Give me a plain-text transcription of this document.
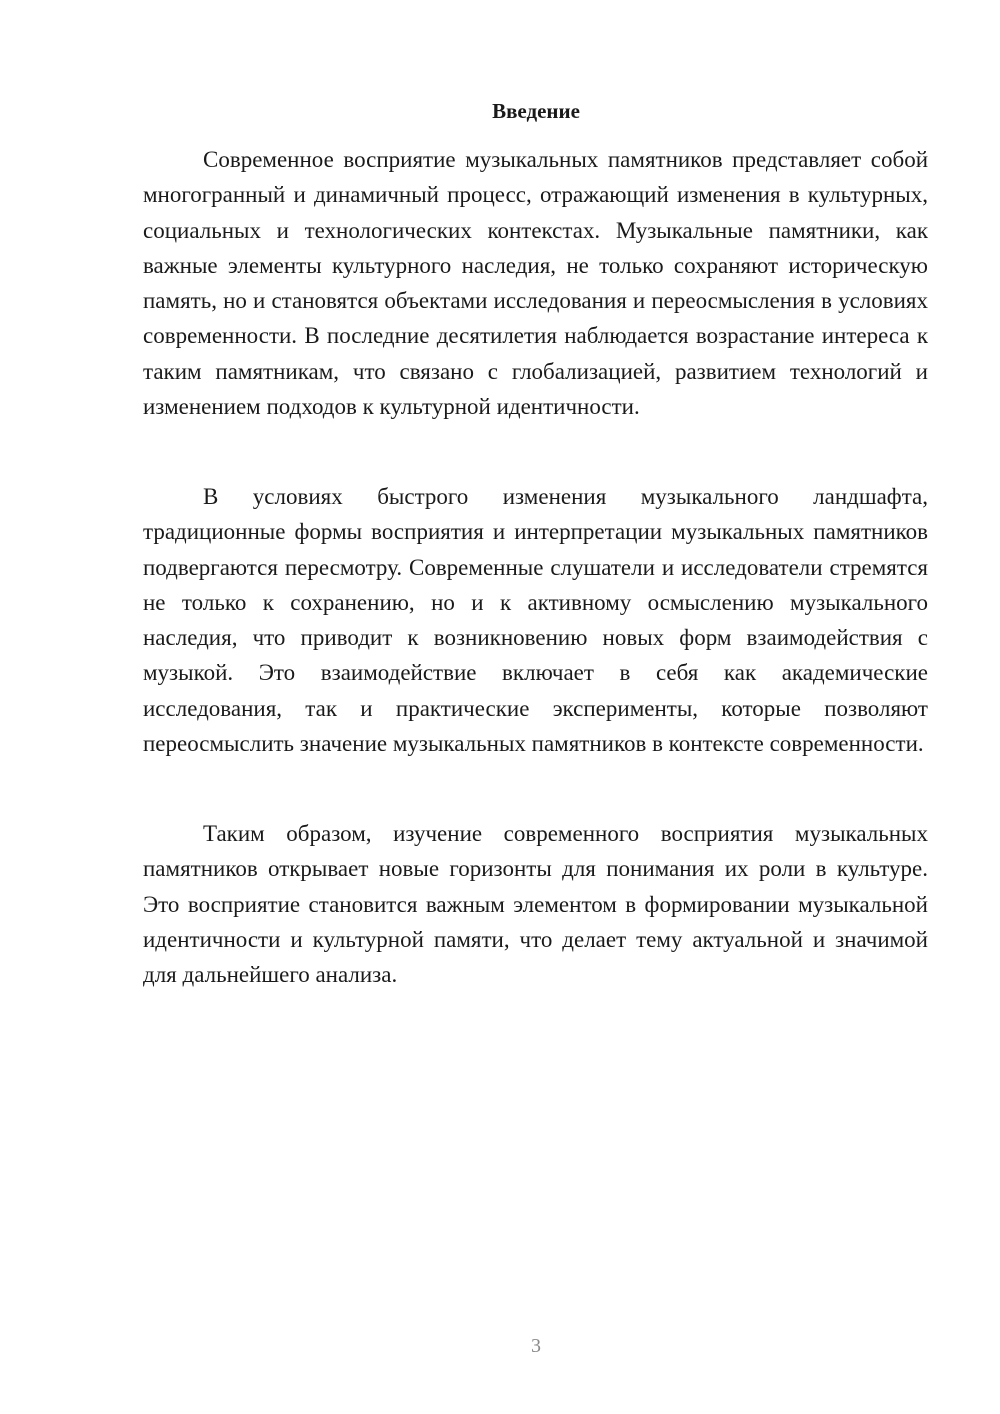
Введение

Современное восприятие музыкальных памятников представляет собой многогранный и динамичный процесс, отражающий изменения в культурных, социальных и технологических контекстах. Музыкальные памятники, как важные элементы культурного наследия, не только сохраняют историческую память, но и становятся объектами исследования и переосмысления в условиях современности. В последние десятилетия наблюдается возрастание интереса к таким памятникам, что связано с глобализацией, развитием технологий и изменением подходов к культурной идентичности.

В условиях быстрого изменения музыкального ландшафта, традиционные формы восприятия и интерпретации музыкальных памятников подвергаются пересмотру. Современные слушатели и исследователи стремятся не только к сохранению, но и к активному осмыслению музыкального наследия, что приводит к возникновению новых форм взаимодействия с музыкой. Это взаимодействие включает в себя как академические исследования, так и практические эксперименты, которые позволяют переосмыслить значение музыкальных памятников в контексте современности.

Таким образом, изучение современного восприятия музыкальных памятников открывает новые горизонты для понимания их роли в культуре. Это восприятие становится важным элементом в формировании музыкальной идентичности и культурной памяти, что делает тему актуальной и значимой для дальнейшего анализа.

3
